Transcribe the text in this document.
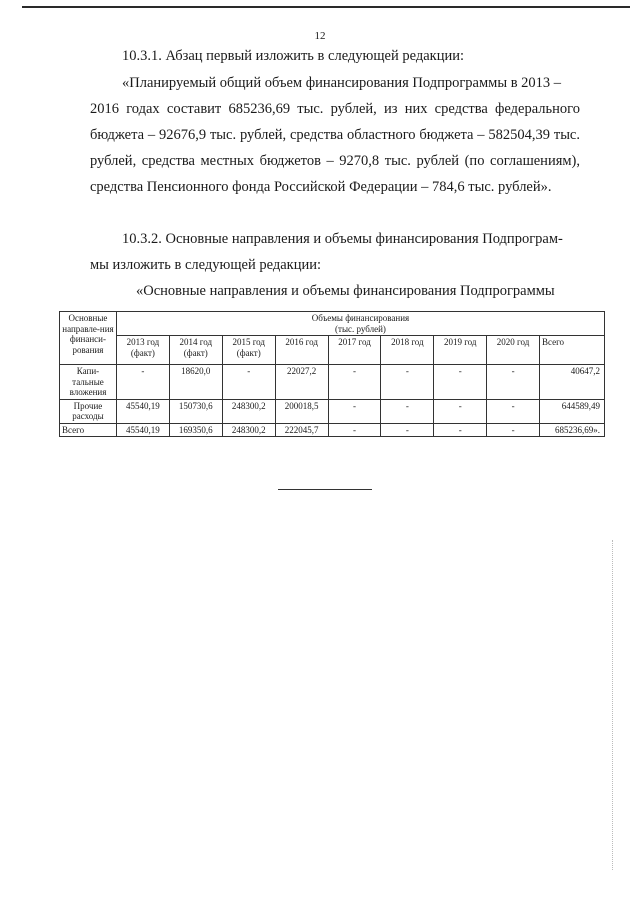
12
10.3.1. Абзац первый изложить в следующей редакции:
«Планируемый общий объем финансирования Подпрограммы в 2013 –
2016 годах составит 685236,69 тыс. рублей, из них средства федерального бюджета – 92676,9 тыс. рублей, средства областного бюджета – 582504,39 тыс. рублей, средства местных бюджетов – 9270,8 тыс. рублей (по соглашениям), средства Пенсионного фонда Российской Федерации – 784,6 тыс. рублей».
10.3.2. Основные направления и объемы финансирования Подпрограм-
мы изложить в следующей редакции:
«Основные направления и объемы финансирования Подпрограммы
Основные направле-ния финанси-рования	Объемы финансирования
(тыс. рублей)								

	2013 год (факт)	2014 год (факт)	2015 год (факт)	2016 год	2017 год	2018 год	2019 год	2020 год	Всего
Капи-тальные вложения	-	18620,0	-	22027,2	-	-	-	-	40647,2
Прочие расходы	45540,19	150730,6	248300,2	200018,5	-	-	-	-	644589,49
Всего	45540,19	169350,6	248300,2	222045,7	-	-	-	-	685236,69».
